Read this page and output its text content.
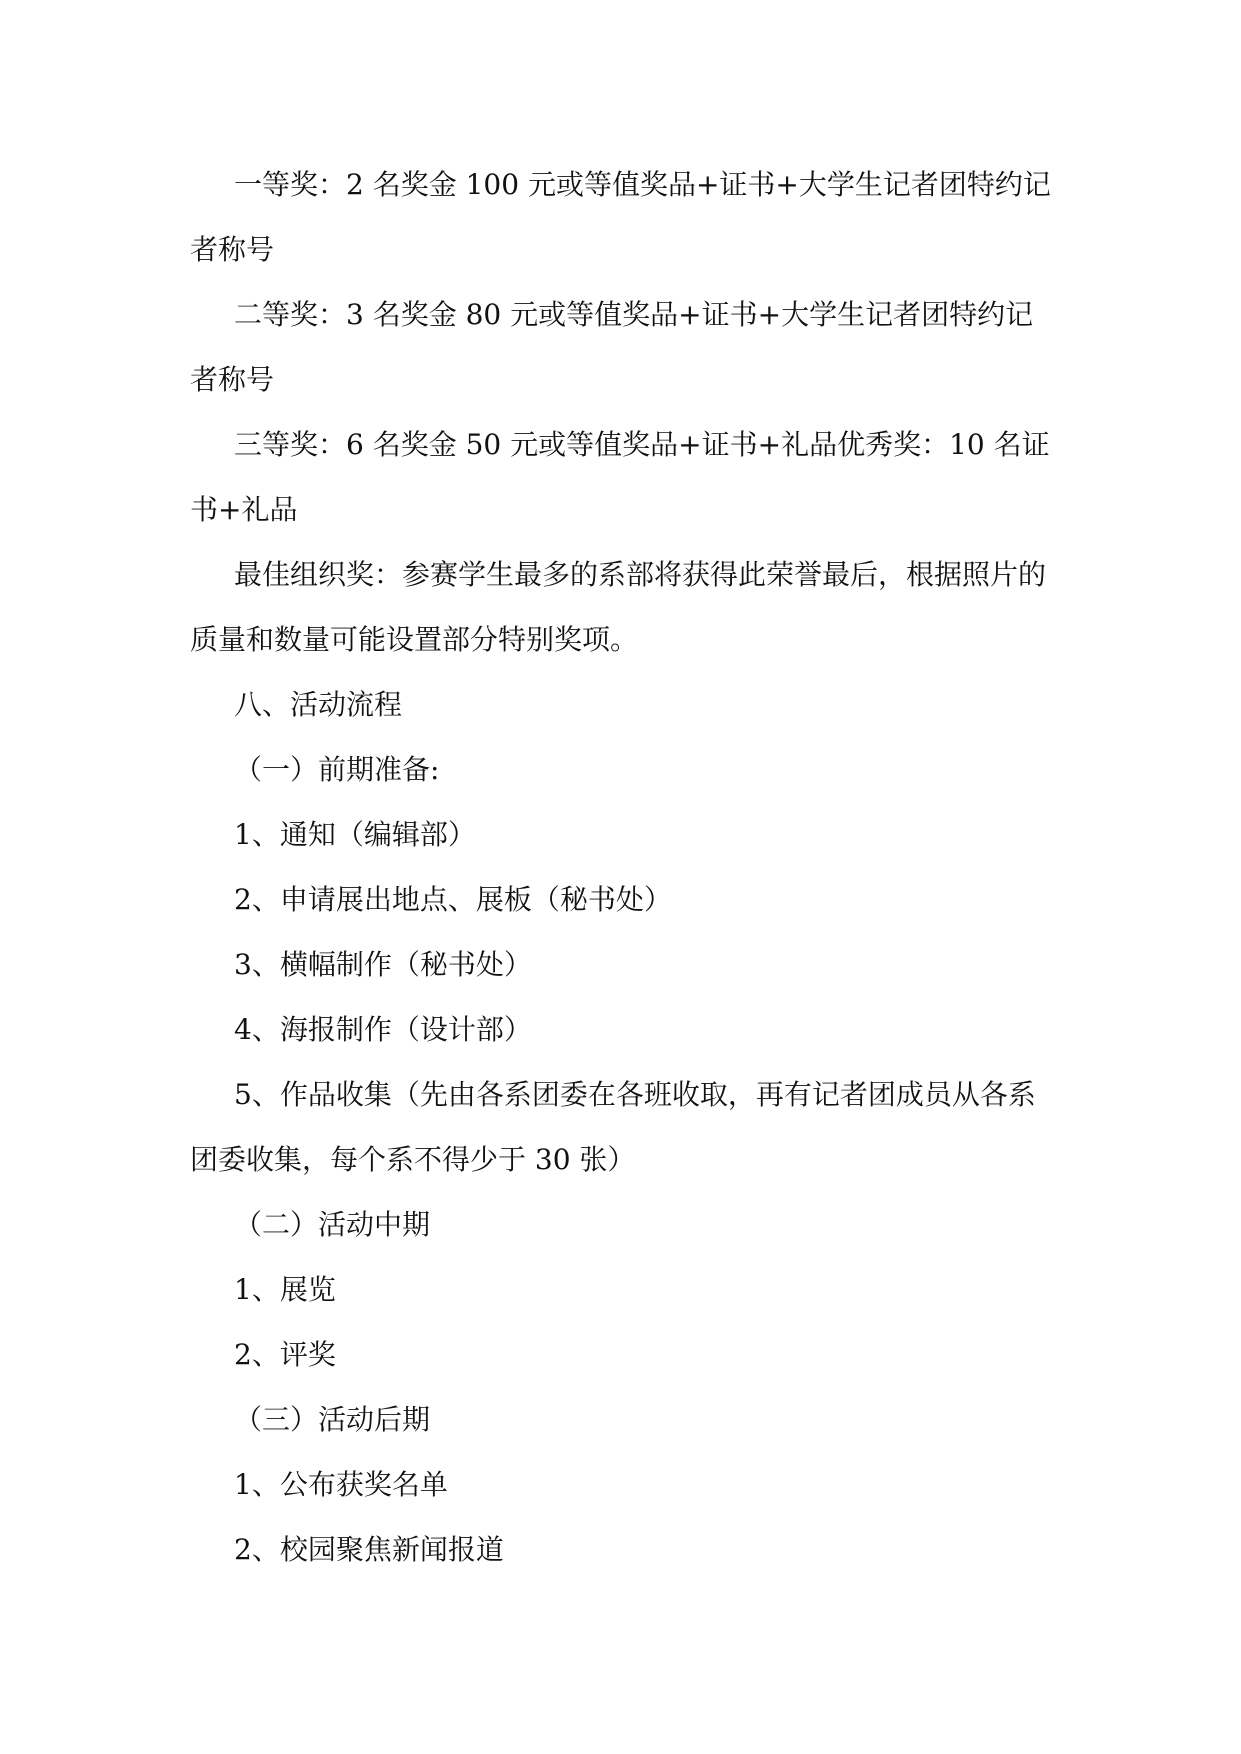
一等奖：2 名奖金 100 元或等值奖品+证书+大学生记者团特约记者称号

二等奖：3 名奖金 80 元或等值奖品+证书+大学生记者团特约记者称号

三等奖：6 名奖金 50 元或等值奖品+证书+礼品优秀奖：10 名证书+礼品

最佳组织奖：参赛学生最多的系部将获得此荣誉最后，根据照片的质量和数量可能设置部分特别奖项。

八、活动流程

（一）前期准备:

1、通知（编辑部）

2、申请展出地点、展板（秘书处）

3、横幅制作（秘书处）

4、海报制作（设计部）

5、作品收集（先由各系团委在各班收取，再有记者团成员从各系团委收集，每个系不得少于 30 张）

（二）活动中期

1、展览

2、评奖

（三）活动后期

1、公布获奖名单

2、校园聚焦新闻报道
